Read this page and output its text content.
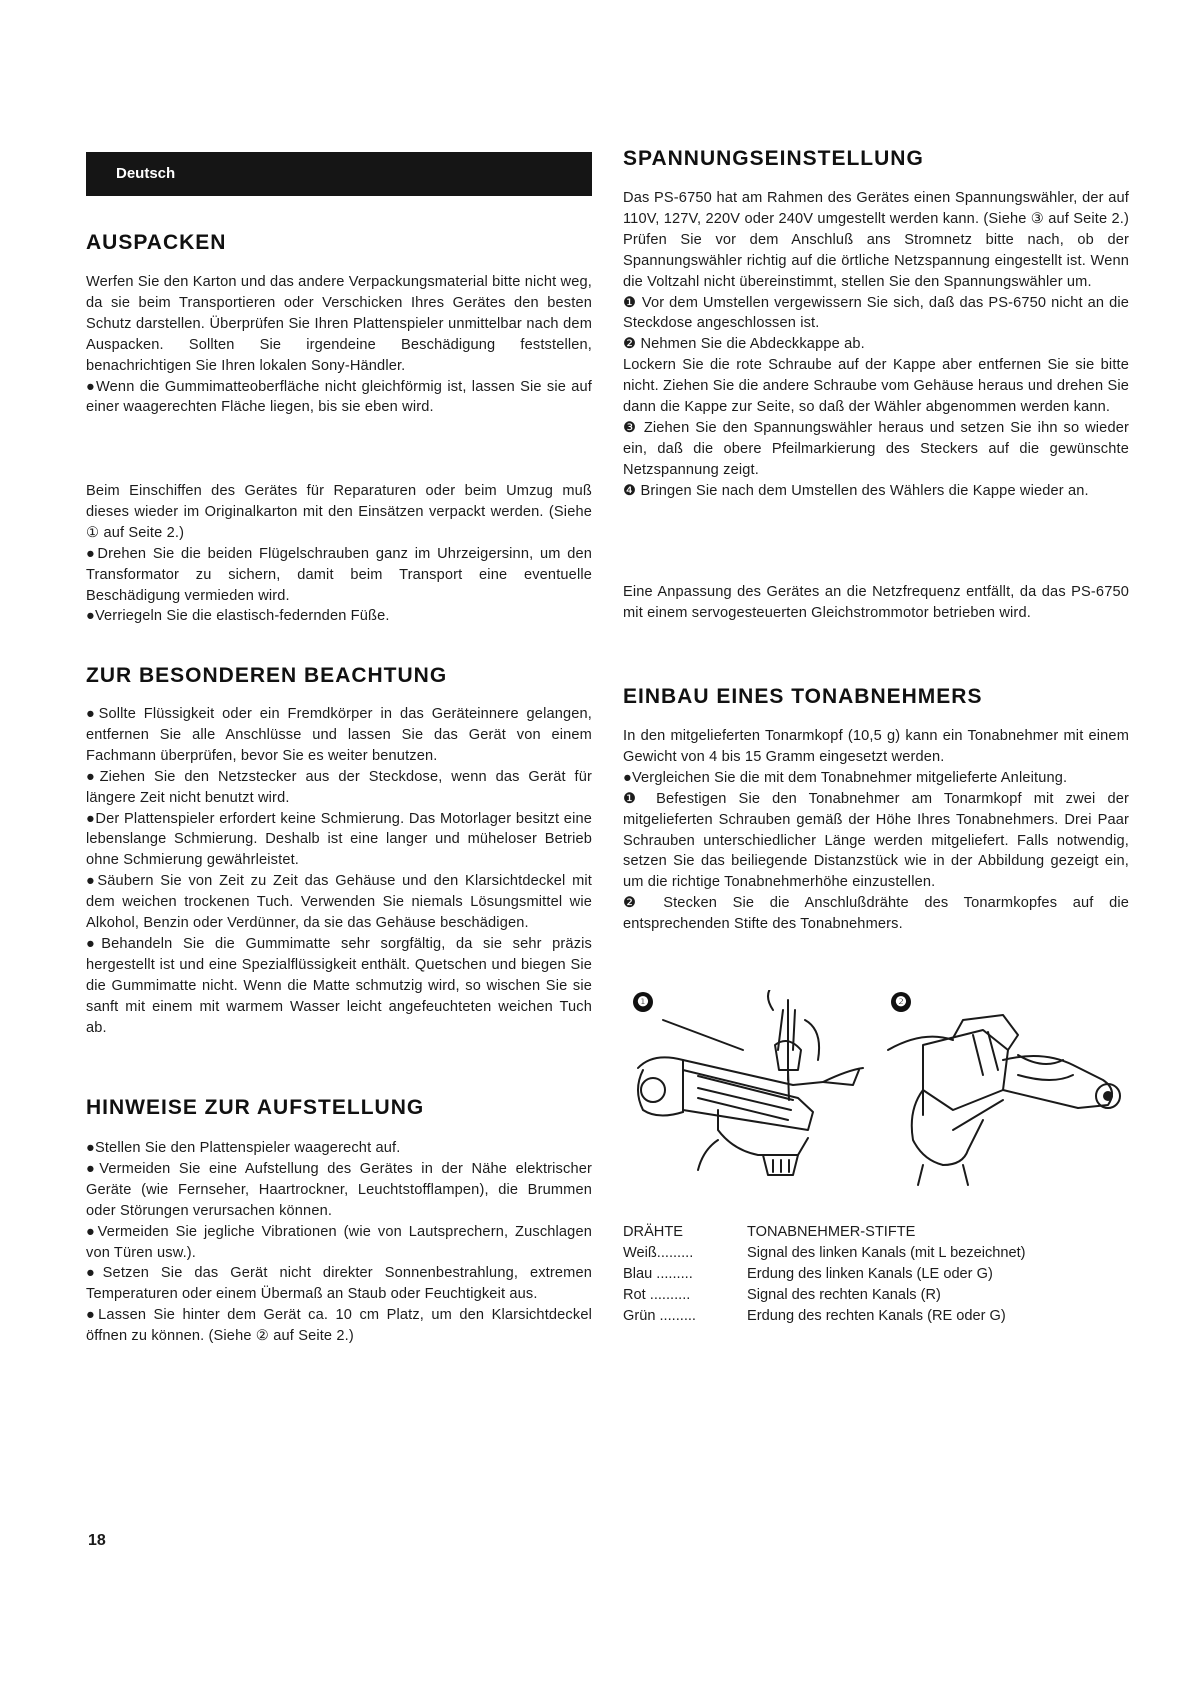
Deutsch
AUSPACKEN

Werfen Sie den Karton und das andere Verpackungsmaterial bitte nicht weg, da sie beim Transportieren oder Verschicken Ihres Gerätes den besten Schutz darstellen. Überprüfen Sie Ihren Plattenspieler unmittelbar nach dem Auspacken. Sollten Sie irgendeine Beschädigung feststellen, benachrichtigen Sie Ihren lokalen Sony-Händler.

●Wenn die Gummimatteoberfläche nicht gleichförmig ist, lassen Sie sie auf einer waagerechten Fläche liegen, bis sie eben wird.

Beim Einschiffen des Gerätes für Reparaturen oder beim Umzug muß dieses wieder im Originalkarton mit den Einsätzen verpackt werden. (Siehe ① auf Seite 2.)

●Drehen Sie die beiden Flügelschrauben ganz im Uhrzeigersinn, um den Transformator zu sichern, damit beim Transport eine eventuelle Beschädigung vermieden wird.

●Verriegeln Sie die elastisch-federnden Füße.

ZUR BESONDEREN BEACHTUNG

●Sollte Flüssigkeit oder ein Fremdkörper in das Geräteinnere gelangen, entfernen Sie alle Anschlüsse und lassen Sie das Gerät von einem Fachmann überprüfen, bevor Sie es weiter benutzen.

●Ziehen Sie den Netzstecker aus der Steckdose, wenn das Gerät für längere Zeit nicht benutzt wird.

●Der Plattenspieler erfordert keine Schmierung. Das Motorlager besitzt eine lebenslange Schmierung. Deshalb ist eine langer und müheloser Betrieb ohne Schmierung gewährleistet.

●Säubern Sie von Zeit zu Zeit das Gehäuse und den Klarsichtdeckel mit dem weichen trockenen Tuch. Verwenden Sie niemals Lösungsmittel wie Alkohol, Benzin oder Verdünner, da sie das Gehäuse beschädigen.

●Behandeln Sie die Gummimatte sehr sorgfältig, da sie sehr präzis hergestellt ist und eine Spezialflüssigkeit enthält. Quetschen und biegen Sie die Gummimatte nicht. Wenn die Matte schmutzig wird, so wischen Sie sie sanft mit einem mit warmem Wasser leicht angefeuchteten weichen Tuch ab.

HINWEISE ZUR AUFSTELLUNG

●Stellen Sie den Plattenspieler waagerecht auf.

●Vermeiden Sie eine Aufstellung des Gerätes in der Nähe elektrischer Geräte (wie Fernseher, Haartrockner, Leuchtstofflampen), die Brummen oder Störungen verursachen können.

●Vermeiden Sie jegliche Vibrationen (wie von Lautsprechern, Zuschlagen von Türen usw.).

●Setzen Sie das Gerät nicht direkter Sonnenbestrahlung, extremen Temperaturen oder einem Übermaß an Staub oder Feuchtigkeit aus.

●Lassen Sie hinter dem Gerät ca. 10 cm Platz, um den Klarsichtdeckel öffnen zu können. (Siehe ② auf Seite 2.)

SPANNUNGSEINSTELLUNG

Das PS-6750 hat am Rahmen des Gerätes einen Spannungswähler, der auf 110V, 127V, 220V oder 240V umgestellt werden kann. (Siehe ③ auf Seite 2.) Prüfen Sie vor dem Anschluß ans Stromnetz bitte nach, ob der Spannungswähler richtig auf die örtliche Netzspannung eingestellt ist. Wenn die Voltzahl nicht übereinstimmt, stellen Sie den Spannungswähler um.

❶ Vor dem Umstellen vergewissern Sie sich, daß das PS-6750 nicht an die Steckdose angeschlossen ist.

❷ Nehmen Sie die Abdeckkappe ab.

Lockern Sie die rote Schraube auf der Kappe aber entfernen Sie sie bitte nicht. Ziehen Sie die andere Schraube vom Gehäuse heraus und drehen Sie dann die Kappe zur Seite, so daß der Wähler abgenommen werden kann.

❸ Ziehen Sie den Spannungswähler heraus und setzen Sie ihn so wieder ein, daß die obere Pfeilmarkierung des Steckers auf die gewünschte Netzspannung zeigt.

❹ Bringen Sie nach dem Umstellen des Wählers die Kappe wieder an.

Eine Anpassung des Gerätes an die Netzfrequenz entfällt, da das PS-6750 mit einem servogesteuerten Gleichstrommotor betrieben wird.

EINBAU EINES TONABNEHMERS

In den mitgelieferten Tonarmkopf (10,5 g) kann ein Tonabnehmer mit einem Gewicht von 4 bis 15 Gramm eingesetzt werden.

●Vergleichen Sie die mit dem Tonabnehmer mitgelieferte Anleitung.

❶ Befestigen Sie den Tonabnehmer am Tonarmkopf mit zwei der mitgelieferten Schrauben gemäß der Höhe Ihres Tonabnehmers. Drei Paar Schrauben unterschiedlicher Länge werden mitgeliefert. Falls notwendig, setzen Sie das beiliegende Distanzstück wie in der Abbildung gezeigt ein, um die richtige Tonabnehmerhöhe einzustellen.

❷ Stecken Sie die Anschlußdrähte des Tonarmkopfes auf die entsprechenden Stifte des Tonabnehmers.

❶	❷
DRÄHTE	TONABNEHMER-STIFTE
Weiß.........	Signal des linken Kanals (mit L bezeichnet)
Blau .........	Erdung des linken Kanals (LE oder G)
Rot ..........	Signal des rechten Kanals (R)
Grün .........	Erdung des rechten Kanals (RE oder G)
18
